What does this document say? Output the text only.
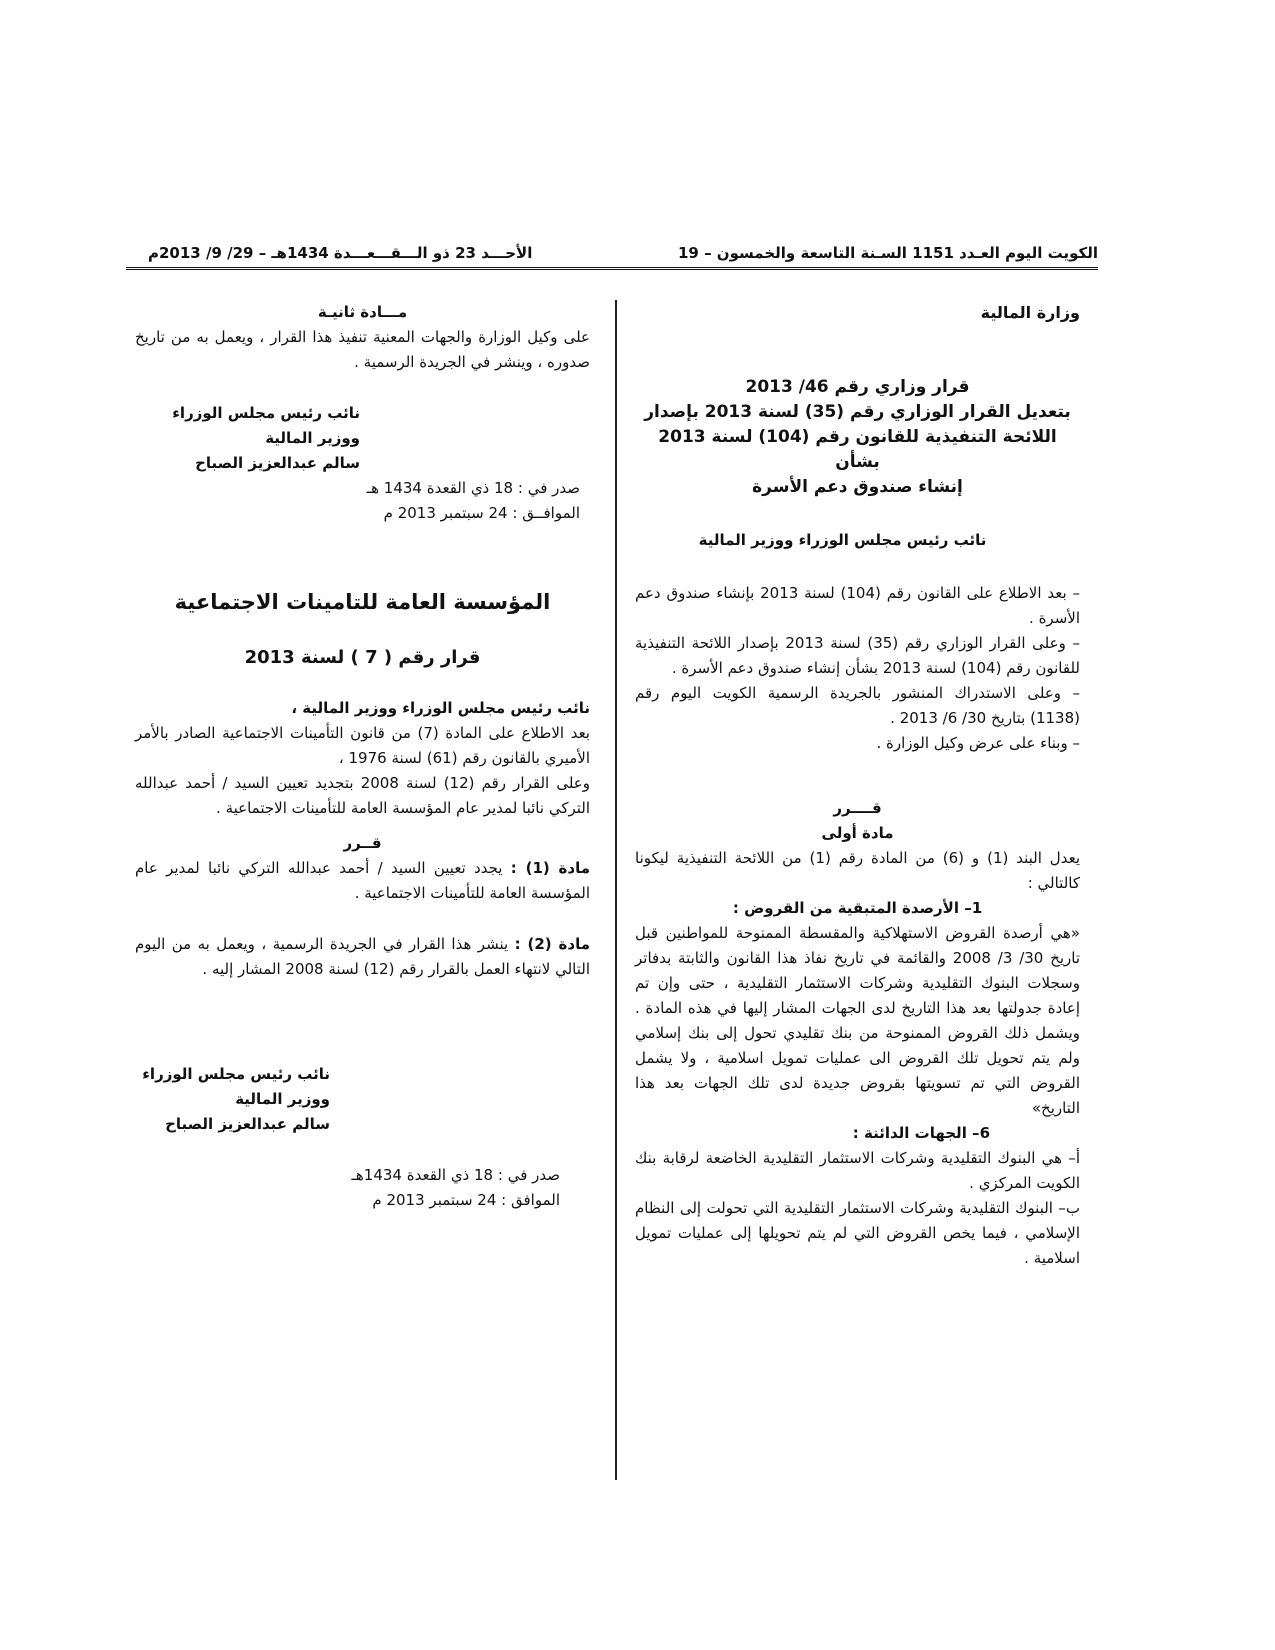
الكويت اليوم العـدد 1151 السـنة التاسعة والخمسون – 19
الأحـــد 23 ذو الـــقـــعـــدة 1434هـ – 29/ 9/ 2013م

وزارة المالية

قرار وزاري رقم 46/ 2013

بتعديل القرار الوزاري رقم (35) لسنة 2013 بإصدار

اللائحة التنفيذية للقانون رقم (104) لسنة 2013 بشأن

إنشاء صندوق دعم الأسرة

نائب رئيس مجلس الوزراء ووزير المالية

– بعد الاطلاع على القانون رقم (104) لسنة 2013 بإنشاء صندوق دعم الأسرة .

– وعلى القرار الوزاري رقم (35) لسنة 2013 بإصدار اللائحة التنفيذية للقانون رقم (104) لسنة 2013 بشأن إنشاء صندوق دعم الأسرة .

– وعلى الاستدراك المنشور بالجريدة الرسمية الكويت اليوم رقم (1138) بتاريخ 30/ 6/ 2013 .

– وبناء على عرض وكيل الوزارة .

قــــرر

مادة أولى

يعدل البند (1) و (6) من المادة رقم (1) من اللائحة التنفيذية ليكونا كالتالي :

1– الأرصدة المتبقية من القروض :

«هي أرصدة القروض الاستهلاكية والمقسطة الممنوحة للمواطنين قبل تاريخ 30/ 3/ 2008 والقائمة في تاريخ نفاذ هذا القانون والثابتة بدفاتر وسجلات البنوك التقليدية وشركات الاستثمار التقليدية ، حتى وإن تم إعادة جدولتها بعد هذا التاريخ لدى الجهات المشار إليها في هذه المادة . ويشمل ذلك القروض الممنوحة من بنك تقليدي تحول إلى بنك إسلامي ولم يتم تحويل تلك القروض الى عمليات تمويل اسلامية ، ولا يشمل القروض التي تم تسويتها بقروض جديدة لدى تلك الجهات بعد هذا التاريخ»

6– الجهات الدائنة :

أ– هي البنوك التقليدية وشركات الاستثمار التقليدية الخاضعة لرقابة بنك الكويت المركزي .

ب– البنوك التقليدية وشركات الاستثمار التقليدية التي تحولت إلى النظام الإسلامي ، فيما يخص القروض التي لم يتم تحويلها إلى عمليات تمويل اسلامية .

مـــادة ثانيـة

على وكيل الوزارة والجهات المعنية تنفيذ هذا القرار ، ويعمل به من تاريخ صدوره ، وينشر في الجريدة الرسمية .

نائب رئيس مجلس الوزراء

ووزير المالية

سالم عبدالعزيز الصباح

صدر في : 18 ذي القعدة 1434 هـ

الموافــق : 24 سبتمبر 2013 م

المؤسسة العامة للتامينات الاجتماعية

قرار رقم ( 7 ) لسنة 2013

نائب رئيس مجلس الوزراء ووزير المالية ،

بعد الاطلاع على المادة (7) من قانون التأمينات الاجتماعية الصادر بالأمر الأميري بالقانون رقم (61) لسنة 1976 ،

وعلى القرار رقم (12) لسنة 2008 بتجديد تعيين السيد / أحمد عبدالله التركي نائبا لمدير عام المؤسسة العامة للتأمينات الاجتماعية .

قــرر

مادة (1) : يجدد تعيين السيد / أحمد عبدالله التركي نائبا لمدير عام المؤسسة العامة للتأمينات الاجتماعية .

مادة (2) : ينشر هذا القرار في الجريدة الرسمية ، ويعمل به من اليوم التالي لانتهاء العمل بالقرار رقم (12) لسنة 2008 المشار إليه .

نائب رئيس مجلس الوزراء

ووزير المالية

سالم عبدالعزيز الصباح

صدر في : 18 ذي القعدة 1434هـ

الموافق : 24 سبتمبر 2013 م
